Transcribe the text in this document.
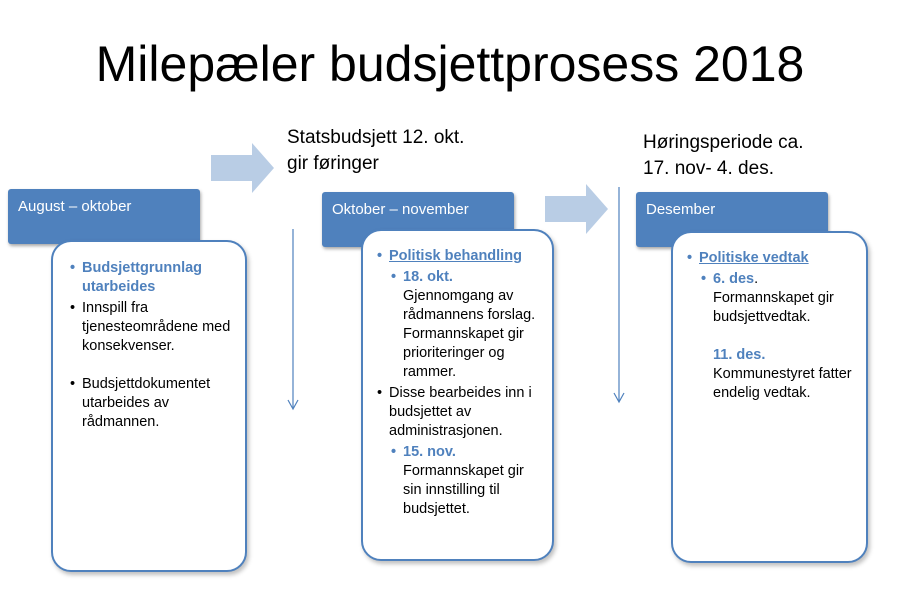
Milepæler budsjettprosess 2018
Statsbudsjett 12. okt.
gir føringer
Høringsperiode ca.
17. nov- 4. des.
August – oktober
• Budsjettgrunnlag utarbeides
• Innspill fra tjenesteområdene med konsekvenser.
• Budsjettdokumentet utarbeides av rådmannen.
Oktober – november
• Politisk behandling
• 18. okt.
Gjennomgang av rådmannens forslag. Formannskapet gir prioriteringer og rammer.
• Disse bearbeides inn i budsjettet av administrasjonen.
• 15. nov.
Formannskapet gir sin innstilling til budsjettet.
Desember
• Politiske vedtak
• 6. des.
Formannskapet gir budsjettvedtak.
11. des.
Kommunestyret fatter endelig vedtak.
